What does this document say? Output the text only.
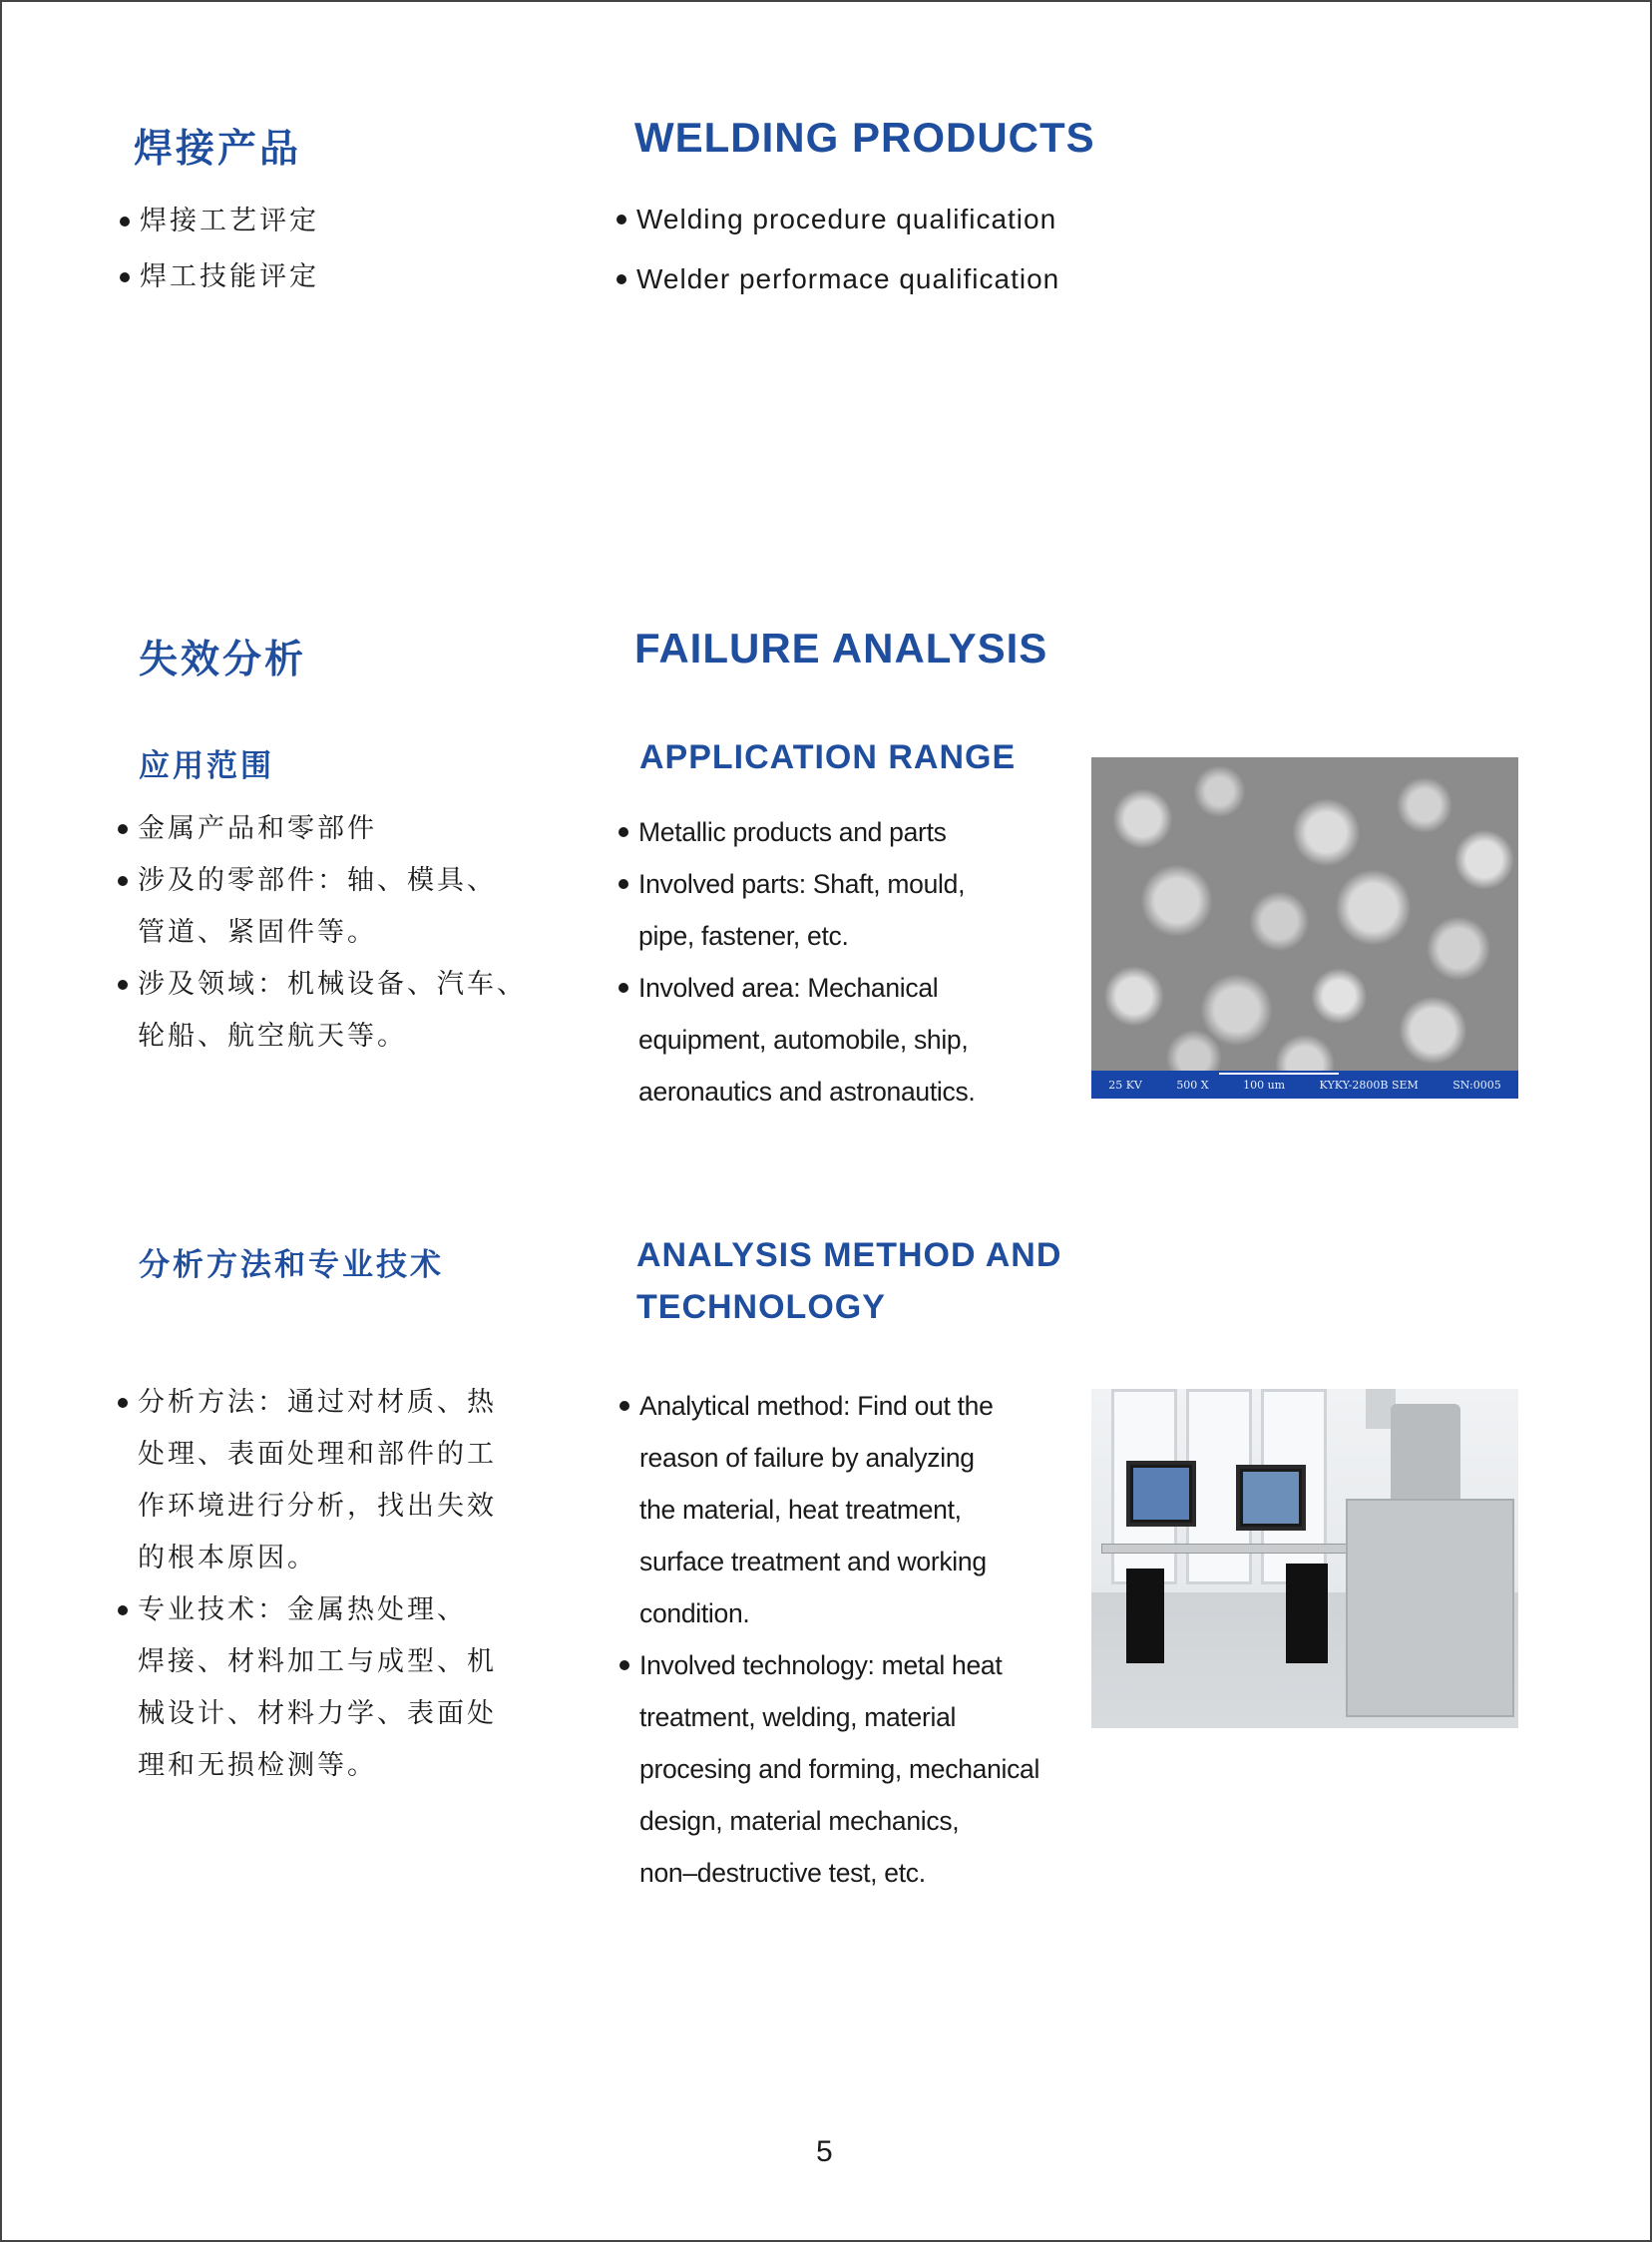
焊接产品	WELDING PRODUCTS
焊接工艺评定
焊工技能评定
Welding procedure qualification
Welder performace qualification
失效分析	FAILURE ANALYSIS
应用范围	APPLICATION RANGE
金属产品和零部件
涉及的零部件：轴、模具、
管道、紧固件等。
涉及领域：机械设备、汽车、
轮船、航空航天等。
Metallic products and parts
Involved parts: Shaft, mould,
pipe, fastener, etc.
Involved area: Mechanical
equipment, automobile, ship,
aeronautics and astronautics.	25 KV	500 X	100 um	KYKY-2800B SEM	SN:0005
分析方法和专业技术	ANALYSIS METHOD AND
TECHNOLOGY
分析方法：通过对材质、热
处理、表面处理和部件的工
作环境进行分析，找出失效
的根本原因。
专业技术：金属热处理、
焊接、材料加工与成型、机
械设计、材料力学、表面处
理和无损检测等。
Analytical method: Find out the
reason of failure by analyzing
the material, heat treatment,
surface treatment and working
condition.
Involved technology: metal heat
treatment, welding, material
procesing and forming, mechanical
design, material mechanics,
non–destructive test, etc.
5
